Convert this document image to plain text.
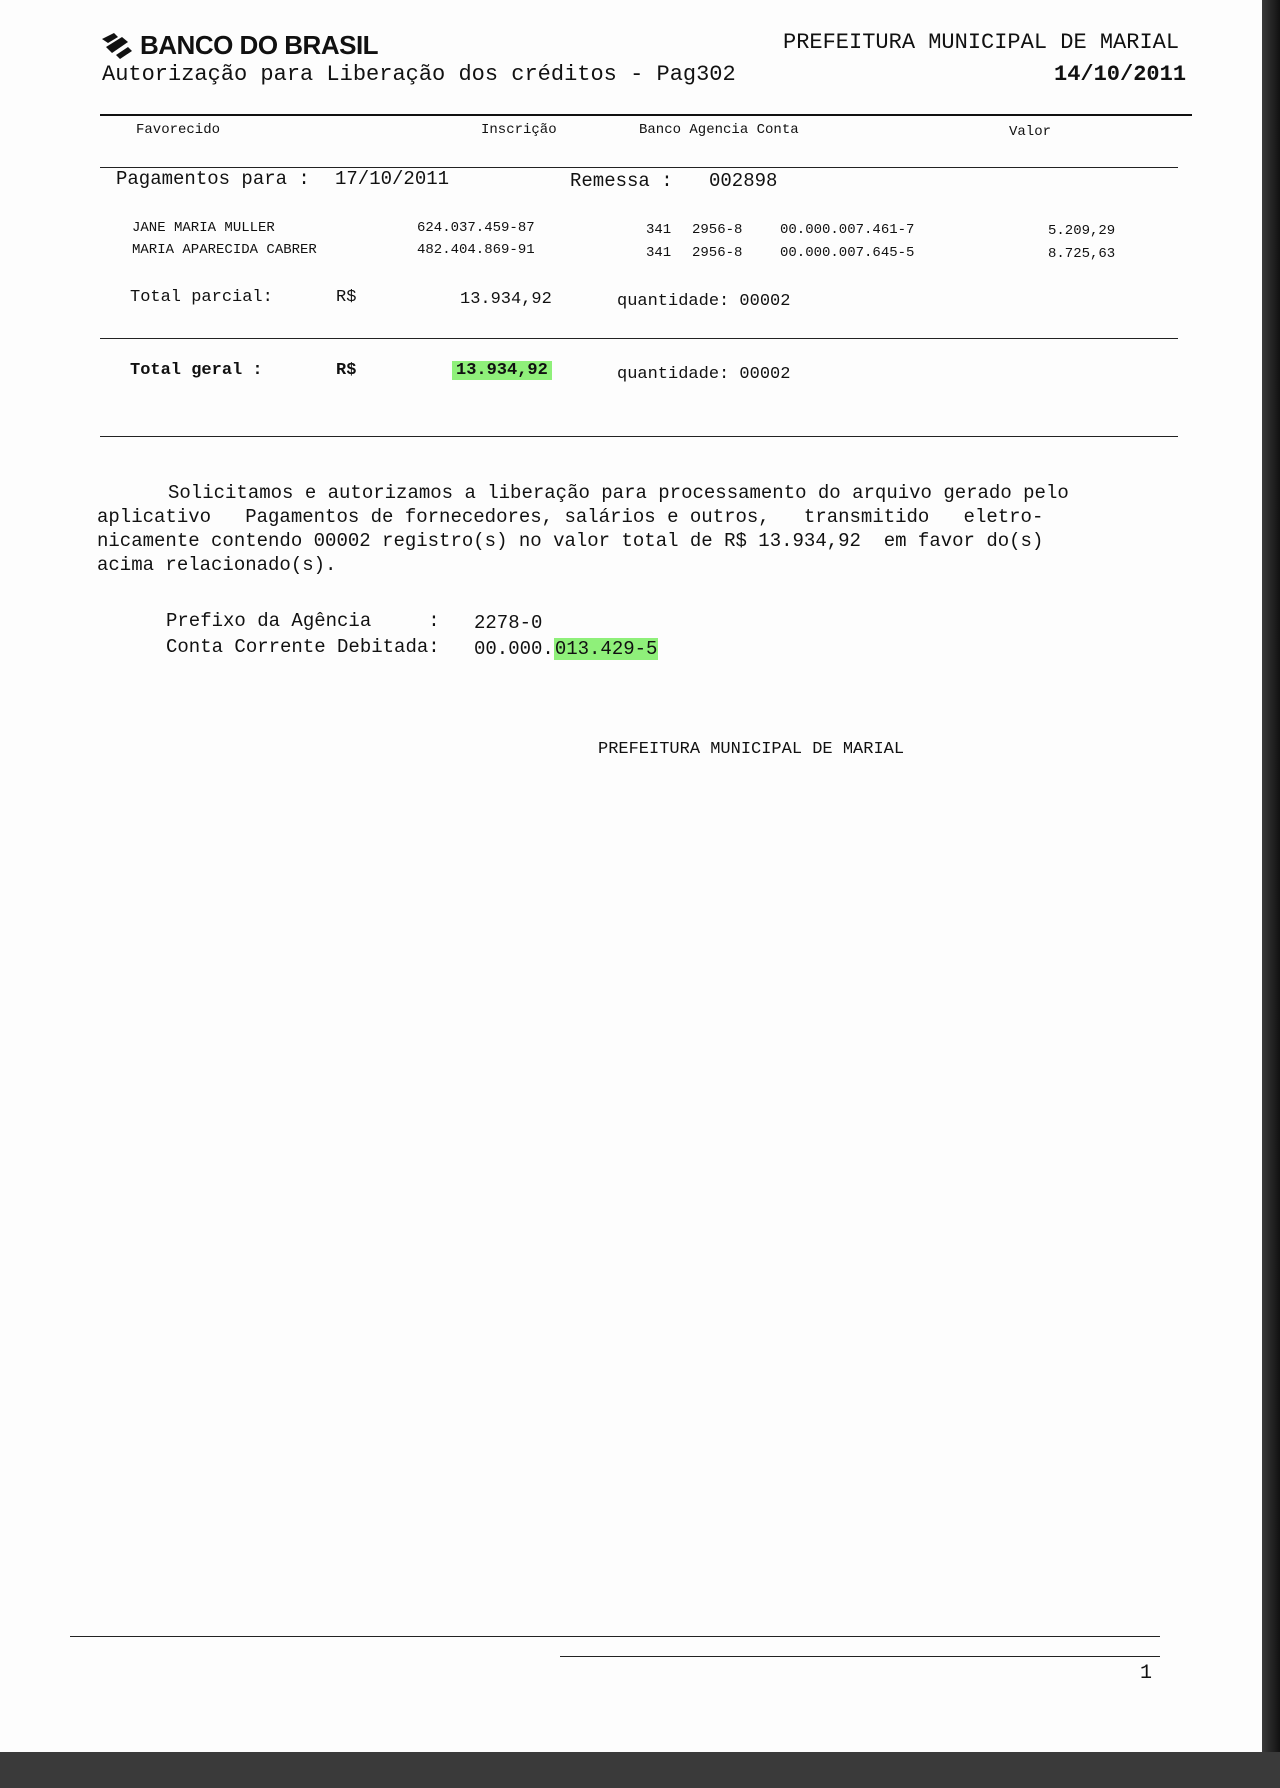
BANCO DO BRASIL	PREFEITURA MUNICIPAL DE MARIAL
Autorização para Liberação dos créditos - Pag302	14/10/2011
Favorecido	Inscrição	Banco Agencia Conta	Valor
Pagamentos para : 17/10/2011	Remessa : 002898
JANE MARIA MULLER	624.037.459-87	341 2956-8	00.000.007.461-7	5.209,29
MARIA APARECIDA CABRER	482.404.869-91	341 2956-8	00.000.007.645-5	8.725,63
Total parcial:	R$	13.934,92	quantidade: 00002
Total geral :	R$	13.934,92	quantidade: 00002
Solicitamos e autorizamos a liberação para processamento do arquivo gerado pelo
aplicativo   Pagamentos de fornecedores, salários e outros,   transmitido   eletro-
nicamente contendo 00002 registro(s) no valor total de R$ 13.934,92  em favor do(s)
acima relacionado(s).
Prefixo da Agência     : 2278-0
Conta Corrente Debitada: 00.000.013.429-5
PREFEITURA MUNICIPAL DE MARIAL
1
